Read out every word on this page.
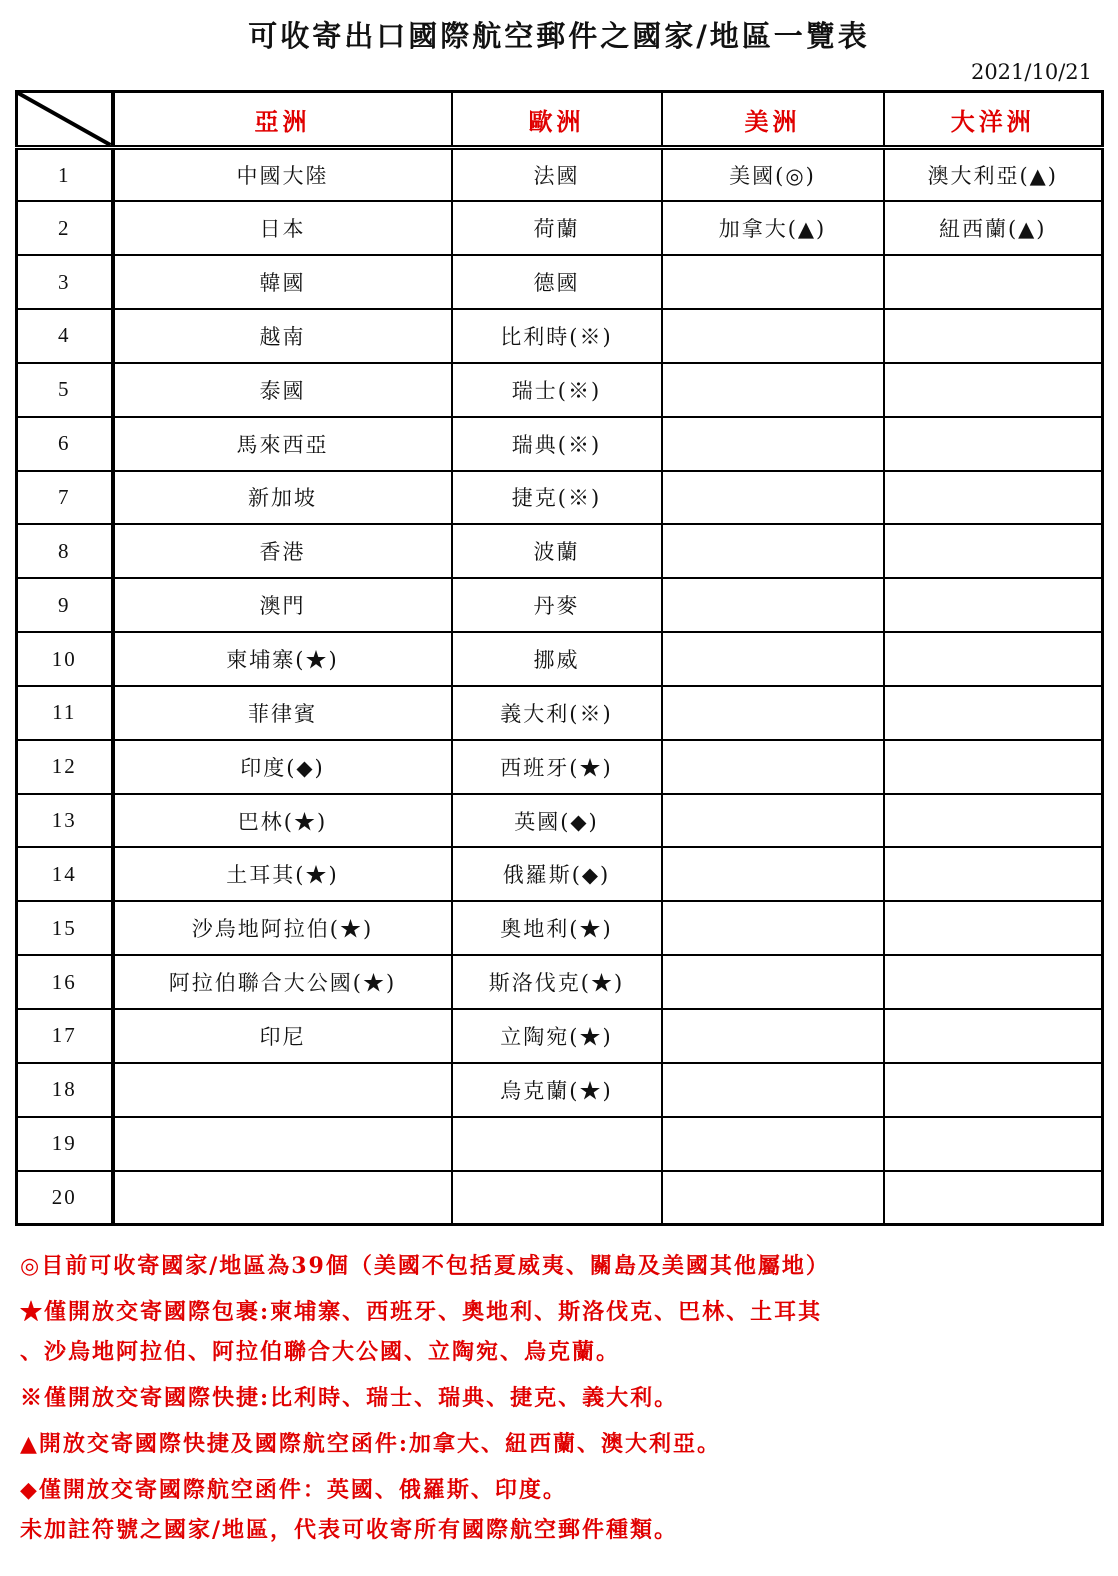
可收寄出口國際航空郵件之國家/地區一覽表
2021/10/21
	亞洲	歐洲	美洲	大洋洲
1	中國大陸	法國	美國(◎)	澳大利亞(▲)
2	日本	荷蘭	加拿大(▲)	紐西蘭(▲)
3	韓國	德國		
4	越南	比利時(※)		
5	泰國	瑞士(※)		
6	馬來西亞	瑞典(※)		
7	新加坡	捷克(※)		
8	香港	波蘭		
9	澳門	丹麥		
10	柬埔寨(★)	挪威		
11	菲律賓	義大利(※)		
12	印度(◆)	西班牙(★)		
13	巴林(★)	英國(◆)		
14	土耳其(★)	俄羅斯(◆)		
15	沙烏地阿拉伯(★)	奧地利(★)		
16	阿拉伯聯合大公國(★)	斯洛伐克(★)		
17	印尼	立陶宛(★)		
18		烏克蘭(★)		
19				
20				
◎目前可收寄國家/地區為39個（美國不包括夏威夷、關島及美國其他屬地）
★僅開放交寄國際包裹:柬埔寨、西班牙、奧地利、斯洛伐克、巴林、土耳其
、沙烏地阿拉伯、阿拉伯聯合大公國、立陶宛、烏克蘭。
※僅開放交寄國際快捷:比利時、瑞士、瑞典、捷克、義大利。
▲開放交寄國際快捷及國際航空函件:加拿大、紐西蘭、澳大利亞。
◆僅開放交寄國際航空函件：英國、俄羅斯、印度。
未加註符號之國家/地區，代表可收寄所有國際航空郵件種類。
